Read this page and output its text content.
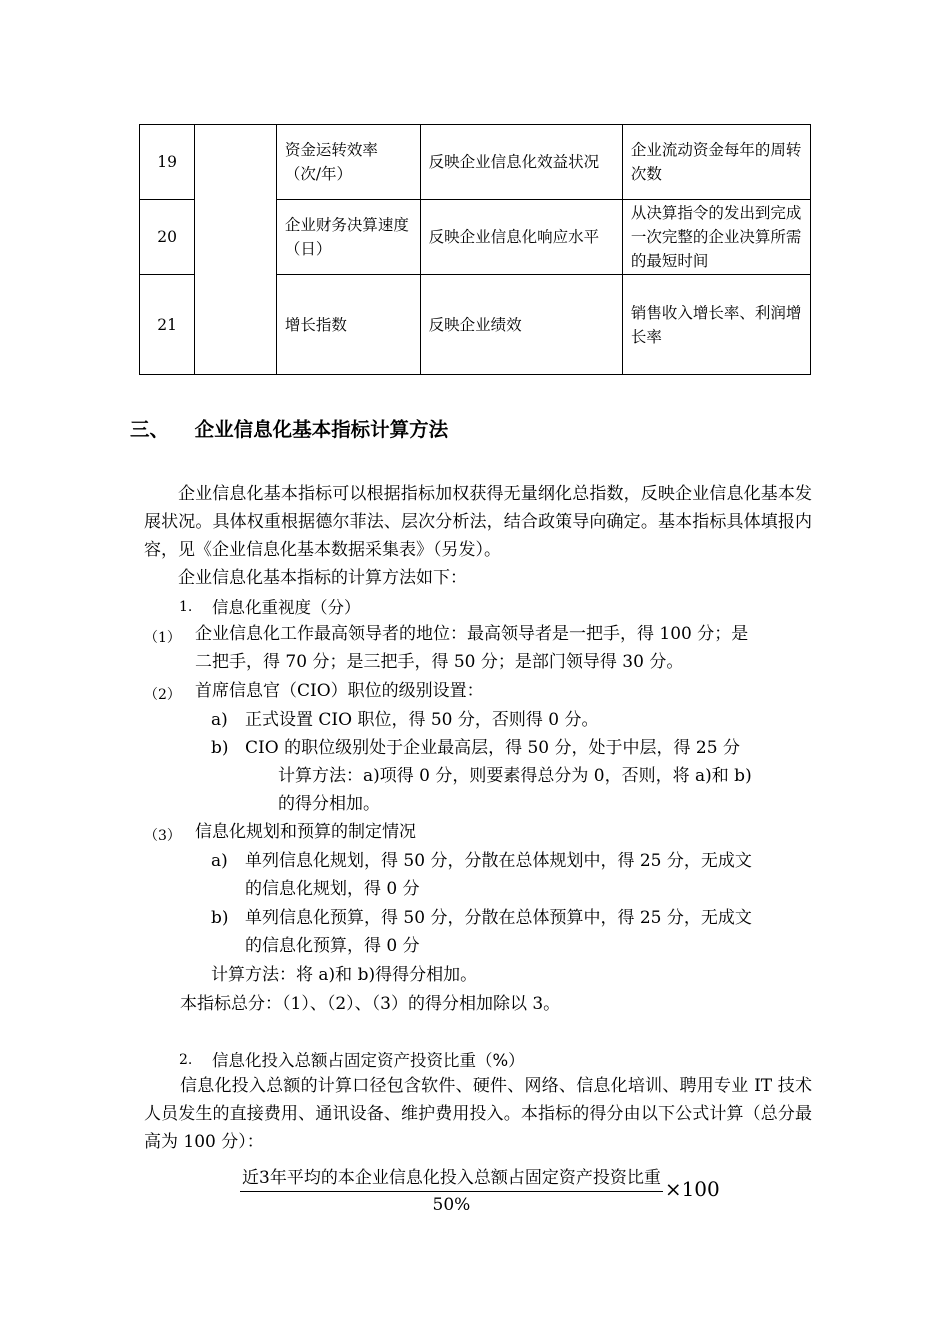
19		资金运转效率（次/年）	反映企业信息化效益状况	企业流动资金每年的周转次数
20		企业财务决算速度（日）	反映企业信息化响应水平	从决算指令的发出到完成一次完整的企业决算所需的最短时间
21		增长指数	反映企业绩效	销售收入增长率、利润增长率
三、 企业信息化基本指标计算方法
企业信息化基本指标可以根据指标加权获得无量纲化总指数，反映企业信息化基本发展状况。具体权重根据德尔菲法、层次分析法，结合政策导向确定。基本指标具体填报内容，见《企业信息化基本数据采集表》（另发）。
企业信息化基本指标的计算方法如下：
1. 信息化重视度（分）
（1） 企业信息化工作最高领导者的地位：最高领导者是一把手，得 100 分；是
二把手，得 70 分；是三把手，得 50 分；是部门领导得 30 分。
（2） 首席信息官（CIO）职位的级别设置：
a) 正式设置 CIO 职位，得 50 分，否则得 0 分。
b) CIO 的职位级别处于企业最高层，得 50 分，处于中层，得 25 分
计算方法：a)项得 0 分，则要素得总分为 0，否则，将 a)和 b)
的得分相加。
（3） 信息化规划和预算的制定情况
a) 单列信息化规划，得 50 分，分散在总体规划中，得 25 分，无成文
的信息化规划，得 0 分
b) 单列信息化预算，得 50 分，分散在总体预算中，得 25 分，无成文
的信息化预算，得 0 分
计算方法：将 a)和 b)得得分相加。
本指标总分：（1）、（2）、（3）的得分相加除以 3。
2. 信息化投入总额占固定资产投资比重（%）
信息化投入总额的计算口径包含软件、硬件、网络、信息化培训、聘用专业 IT 技术人员发生的直接费用、通讯设备、维护费用投入。本指标的得分由以下公式计算（总分最高为 100 分）：
$\frac{\text{近3年平均的本企业信息化投入总额占固定资产投资比重}}{50\%} \times 100$
